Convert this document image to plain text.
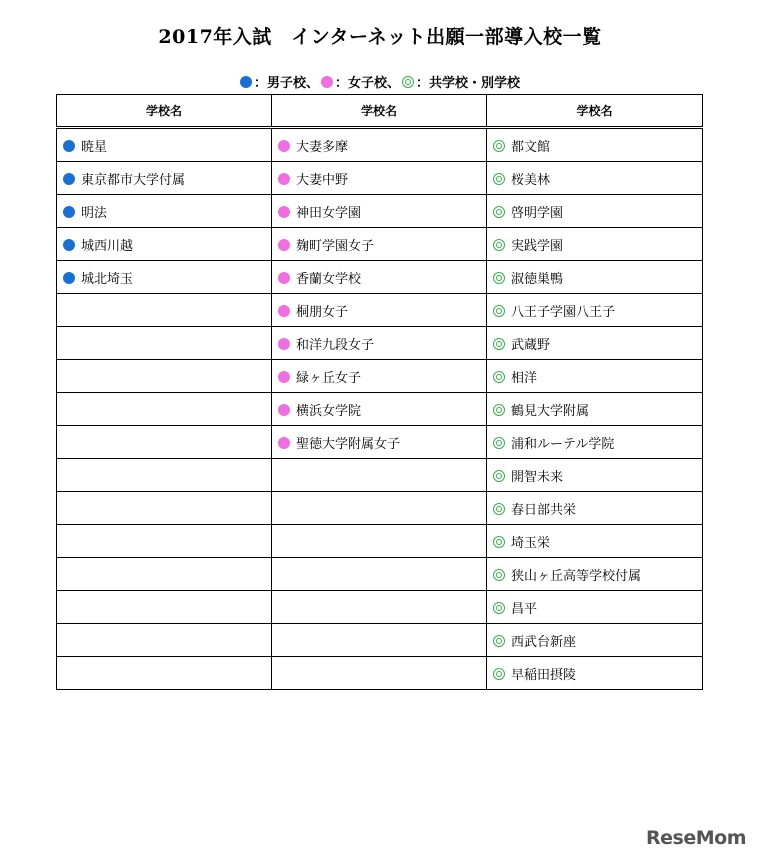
2017年入試　インターネット出願一部導入校一覧
：男子校、 ：女子校、 ：共学校・別学校
学校名	学校名	学校名
暁星	大妻多摩	都文館
東京都市大学付属	大妻中野	桜美林
明法	神田女学園	啓明学園
城西川越	麹町学園女子	実践学園
城北埼玉	香蘭女学校	淑徳巣鴨
	桐朋女子	八王子学園八王子
	和洋九段女子	武蔵野
	緑ヶ丘女子	相洋
	横浜女学院	鶴見大学附属
	聖徳大学附属女子	浦和ルーテル学院
		開智未来
		春日部共栄
		埼玉栄
		狭山ヶ丘高等学校付属
		昌平
		西武台新座
		早稲田摂陵
ReseMom
